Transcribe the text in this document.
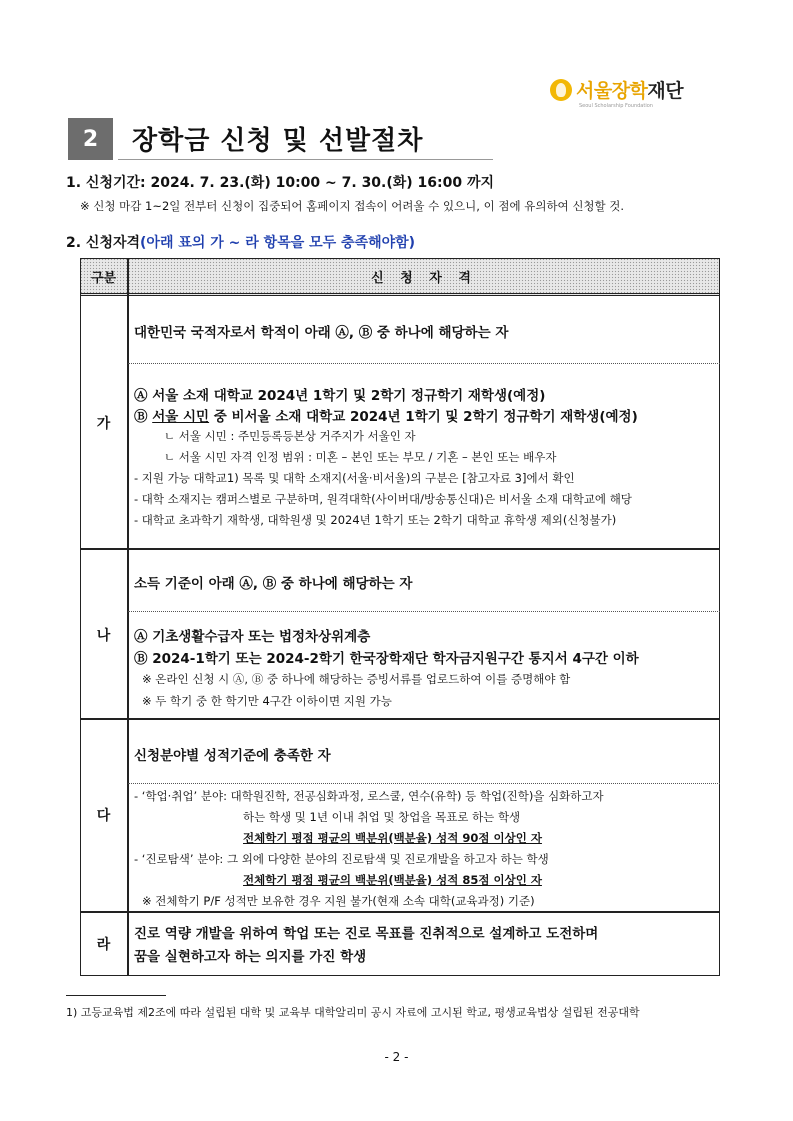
서울장학재단
Seoul Scholarship Foundation
2	장학금 신청 및 선발절차
1. 신청기간: 2024. 7. 23.(화) 10:00 ~ 7. 30.(화) 16:00 까지
※ 신청 마감 1~2일 전부터 신청이 집중되어 홈페이지 접속이 어려울 수 있으니, 이 점에 유의하여 신청할 것.
2. 신청자격(아래 표의 가 ~ 라 항목을 모두 충족해야함)
구분	신 청 자 격
가
나
다
라
대한민국 국적자로서 학적이 아래 Ⓐ, Ⓑ 중 하나에 해당하는 자
Ⓐ 서울 소재 대학교 2024년 1학기 및 2학기 정규학기 재학생(예정)
Ⓑ 서울 시민 중 비서울 소재 대학교 2024년 1학기 및 2학기 정규학기 재학생(예정)
ㄴ 서울 시민 : 주민등록등본상 거주지가 서울인 자
ㄴ 서울 시민 자격 인정 범위 : 미혼 – 본인 또는 부모 / 기혼 – 본인 또는 배우자
- 지원 가능 대학교1) 목록 및 대학 소재지(서울·비서울)의 구분은 [참고자료 3]에서 확인
- 대학 소재지는 캠퍼스별로 구분하며, 원격대학(사이버대/방송통신대)은 비서울 소재 대학교에 해당
- 대학교 초과학기 재학생, 대학원생 및 2024년 1학기 또는 2학기 대학교 휴학생 제외(신청불가)
소득 기준이 아래 Ⓐ, Ⓑ 중 하나에 해당하는 자
Ⓐ 기초생활수급자 또는 법정차상위계층
Ⓑ 2024-1학기 또는 2024-2학기 한국장학재단 학자금지원구간 통지서 4구간 이하
※ 온라인 신청 시 Ⓐ, Ⓑ 중 하나에 해당하는 증빙서류를 업로드하여 이를 증명해야 함
※ 두 학기 중 한 학기만 4구간 이하이면 지원 가능
신청분야별 성적기준에 충족한 자
- ‘학업·취업’ 분야: 대학원진학, 전공심화과정, 로스쿨, 연수(유학) 등 학업(진학)을 심화하고자
하는 학생 및 1년 이내 취업 및 창업을 목표로 하는 학생
전체학기 평점 평균의 백분위(백분율) 성적 90점 이상인 자
- ‘진로탐색’ 분야: 그 외에 다양한 분야의 진로탐색 및 진로개발을 하고자 하는 학생
전체학기 평점 평균의 백분위(백분율) 성적 85점 이상인 자
※ 전체학기 P/F 성적만 보유한 경우 지원 불가(현재 소속 대학(교육과정) 기준)
진로 역량 개발을 위하여 학업 또는 진로 목표를 진취적으로 설계하고 도전하며
꿈을 실현하고자 하는 의지를 가진 학생
1) 고등교육법 제2조에 따라 설립된 대학 및 교육부 대학알리미 공시 자료에 고시된 학교, 평생교육법상 설립된 전공대학
- 2 -
